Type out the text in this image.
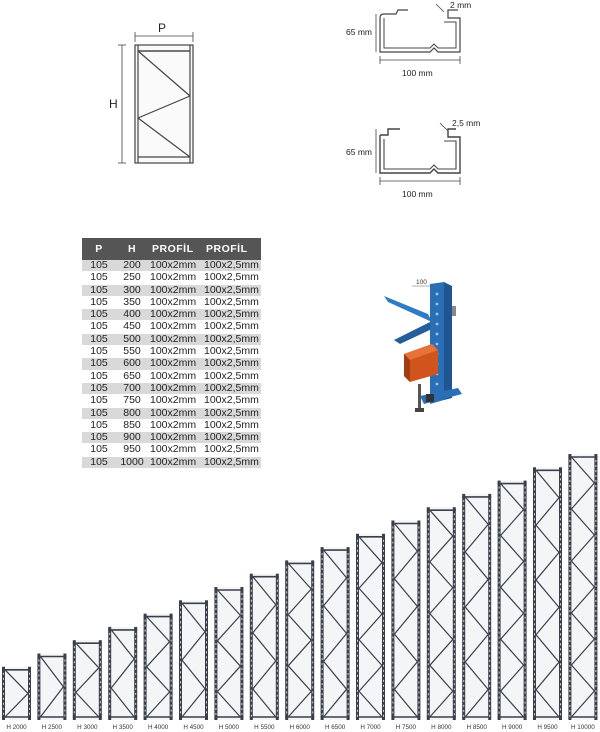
P
H
65 mm
100 mm
2 mm
65 mm
100 mm
2,5 mm
P	H	PROFİL	PROFİL
105	200	100x2mm	100x2,5mm
105	250	100x2mm	100x2,5mm
105	300	100x2mm	100x2,5mm
105	350	100x2mm	100x2,5mm
105	400	100x2mm	100x2,5mm
105	450	100x2mm	100x2,5mm
105	500	100x2mm	100x2,5mm
105	550	100x2mm	100x2,5mm
105	600	100x2mm	100x2,5mm
105	650	100x2mm	100x2,5mm
105	700	100x2mm	100x2,5mm
105	750	100x2mm	100x2,5mm
105	800	100x2mm	100x2,5mm
105	850	100x2mm	100x2,5mm
105	900	100x2mm	100x2,5mm
105	950	100x2mm	100x2,5mm
105	1000	100x2mm	100x2,5mm
100
H 2000 H 2500 H 3000 H 3500 H 4000 H 4500 H 5000 H 5500 H 6000 H 6500 H 7000 H 7500 H 8000 H 8500 H 9000 H 9500 H 10000
